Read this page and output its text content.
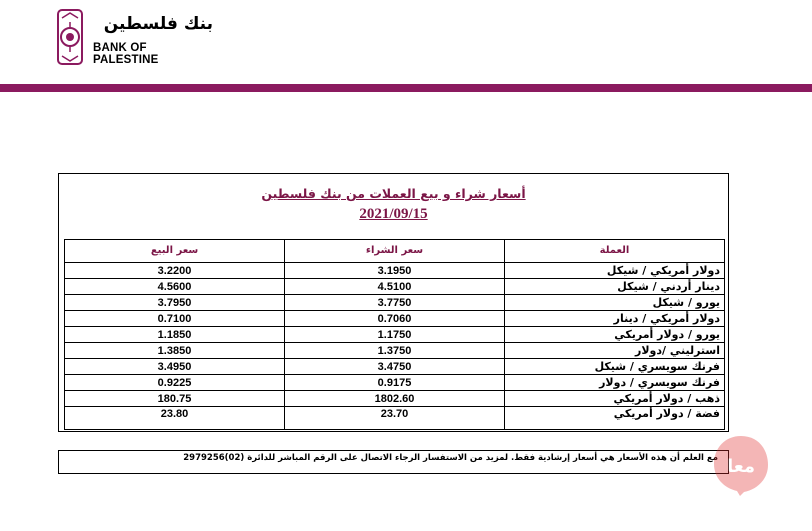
بنك فلسطين
BANK OF PALESTINE
أسعار شراء و بيع العملات من بنك فلسطين
2021/09/15
سعر البيع	سعر الشراء	العملة
3.2200	3.1950	دولار أمريكي / شيكل
4.5600	4.5100	دينار أردني / شيكل
3.7950	3.7750	يورو / شيكل
0.7100	0.7060	دولار أمريكي / دينار
1.1850	1.1750	يورو / دولار أمريكي
1.3850	1.3750	استرليني /دولار
3.4950	3.4750	فرنك سويسري / شيكل
0.9225	0.9175	فرنك سويسري / دولار
180.75	1802.60	ذهب / دولار أمريكي
23.80	23.70	فضة / دولار أمريكي
مع العلم أن هذه الأسعار هي أسعار إرشادية فقط. لمزيد من الاستفسار الرجاء الاتصال على الرقم المباشر للدائرة (02)2979256 معا
